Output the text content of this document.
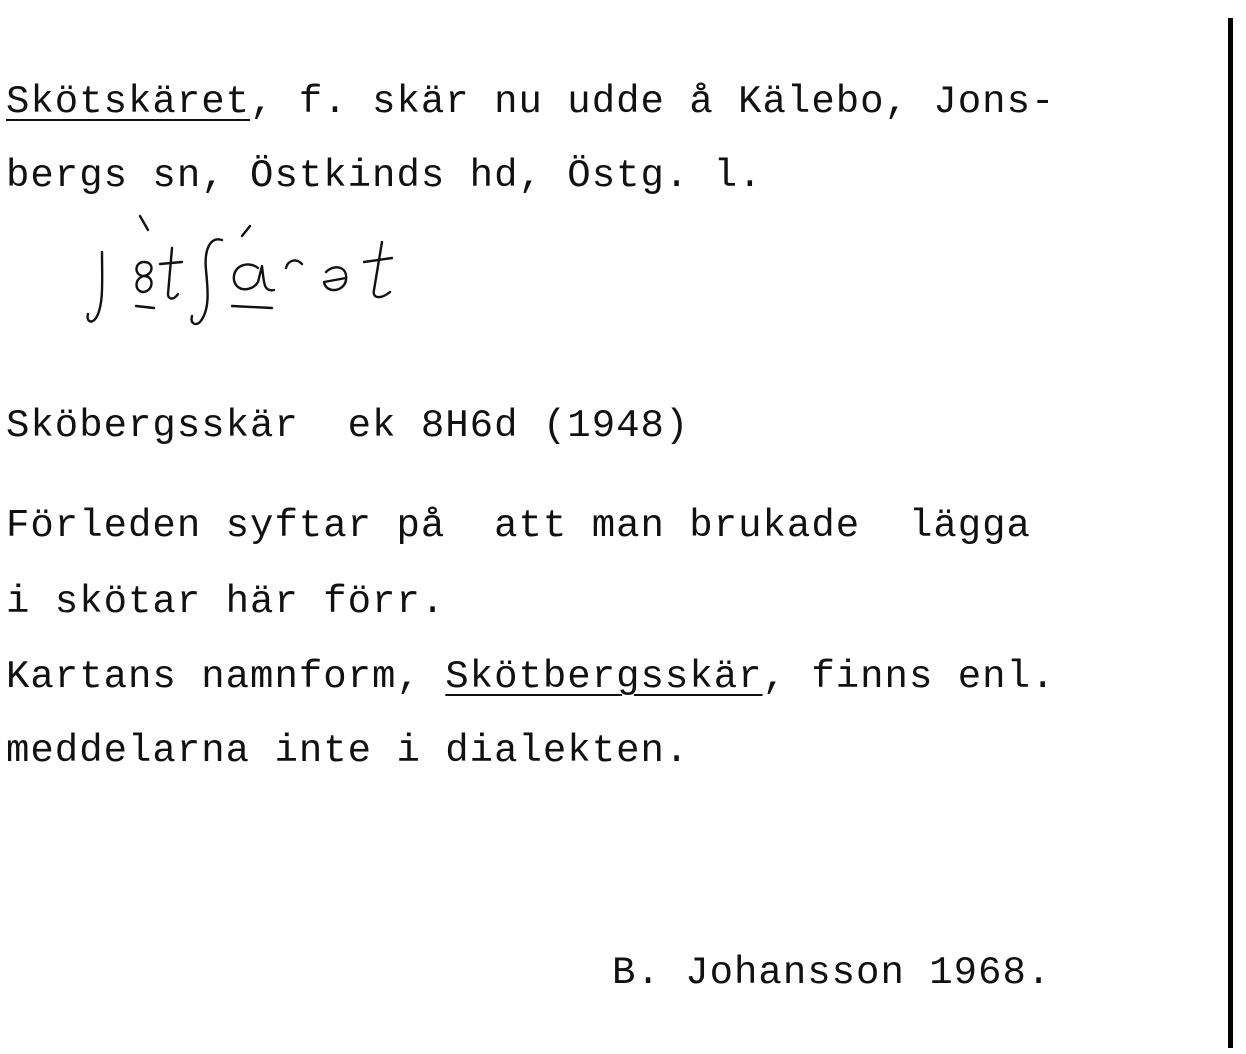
Skötskäret, f. skär nu udde å Kälebo, Jons-
bergs sn, Östkinds hd, Östg. l.
Sköbergsskär  ek 8H6d (1948)
Förleden syftar på  att man brukade  lägga
i skötar här förr.
Kartans namnform, Skötbergsskär, finns enl.
meddelarna inte i dialekten.
B. Johansson 1968.
